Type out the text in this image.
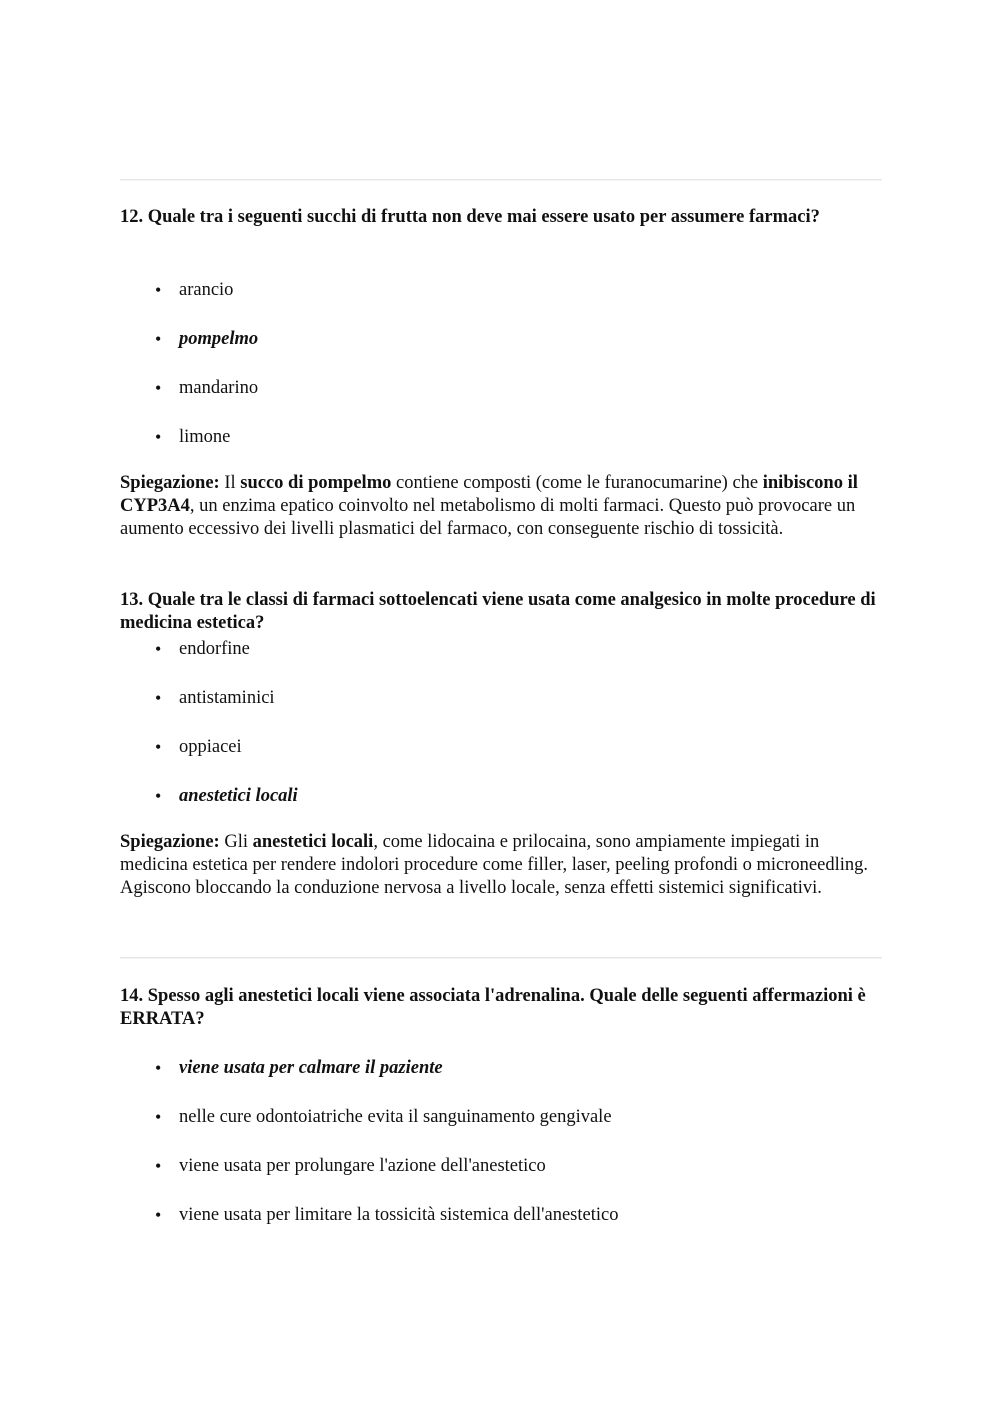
12. Quale tra i seguenti succhi di frutta non deve mai essere usato per assumere farmaci?
• arancio
• pompelmo
• mandarino
• limone
Spiegazione: Il succo di pompelmo contiene composti (come le furanocumarine) che inibiscono il CYP3A4, un enzima epatico coinvolto nel metabolismo di molti farmaci. Questo può provocare un aumento eccessivo dei livelli plasmatici del farmaco, con conseguente rischio di tossicità.
13. Quale tra le classi di farmaci sottoelencati viene usata come analgesico in molte procedure di medicina estetica?
• endorfine
• antistaminici
• oppiacei
• anestetici locali
Spiegazione: Gli anestetici locali, come lidocaina e prilocaina, sono ampiamente impiegati in medicina estetica per rendere indolori procedure come filler, laser, peeling profondi o microneedling. Agiscono bloccando la conduzione nervosa a livello locale, senza effetti sistemici significativi.
14. Spesso agli anestetici locali viene associata l'adrenalina. Quale delle seguenti affermazioni è ERRATA?
• viene usata per calmare il paziente
• nelle cure odontoiatriche evita il sanguinamento gengivale
• viene usata per prolungare l'azione dell'anestetico
• viene usata per limitare la tossicità sistemica dell'anestetico
